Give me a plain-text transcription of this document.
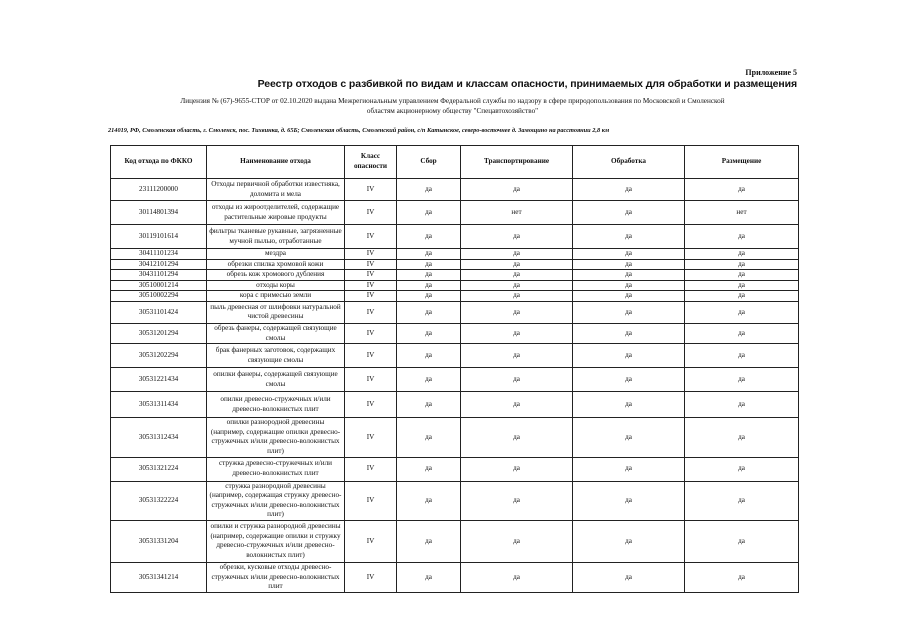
Приложение 5
Реестр отходов с разбивкой по видам и классам опасности, принимаемых для обработки и размещения
Лицензия № (67)-9655-СТОР от 02.10.2020 выдана Межрегиональным управлением Федеральной службы по надзору в сфере природопользования по Московской и Смоленской
областям акционерному обществу "Спецавтохозяйство"
214019, РФ, Смоленская область, г. Смоленск, пос. Тихвинка, д. 65Б; Смоленская область, Смоленский район, с/п Катынское, северо-восточнее д. Замощино на расстоянии 2,8 км
Код отхода по ФККО	Наименование отхода	Класс опасности	Сбор	Транспортирование	Обработка	Размещение
23111200000	Отходы первичной обработки известняка, доломита и мела	IV	да	да	да	да
30114801394	отходы из жироотделителей, содержащие растительные жировые продукты	IV	да	нет	да	нет
30119101614	фильтры тканевые рукавные, загрязненные мучной пылью, отработанные	IV	да	да	да	да
30411101234	мездра	IV	да	да	да	да
30412101294	обрезки спилка хромовой кожи	IV	да	да	да	да
30431101294	обрезь кож хромового дубления	IV	да	да	да	да
30510001214	отходы коры	IV	да	да	да	да
30510002294	кора с примесью земли	IV	да	да	да	да
30531101424	пыль древесная от шлифовки натуральной чистой древесины	IV	да	да	да	да
30531201294	обрезь фанеры, содержащей связующие смолы	IV	да	да	да	да
30531202294	брак фанерных заготовок, содержащих связующие смолы	IV	да	да	да	да
30531221434	опилки фанеры, содержащей связующие смолы	IV	да	да	да	да
30531311434	опилки древесно-стружечных и/или древесно-волокнистых плит	IV	да	да	да	да
30531312434	опилки разнородной древесины (например, содержащие опилки древесно-стружечных и/или древесно-волокнистых плит)	IV	да	да	да	да
30531321224	стружка древесно-стружечных и/или древесно-волокнистых плит	IV	да	да	да	да
30531322224	стружка разнородной древесины (например, содержащая стружку древесно-стружечных и/или древесно-волокнистых плит)	IV	да	да	да	да
30531331204	опилки и стружка разнородной древесины (например, содержащие опилки и стружку древесно-стружечных и/или древесно-волокнистых плит)	IV	да	да	да	да
30531341214	обрезки, кусковые отходы древесно-стружечных и/или древесно-волокнистых плит	IV	да	да	да	да
